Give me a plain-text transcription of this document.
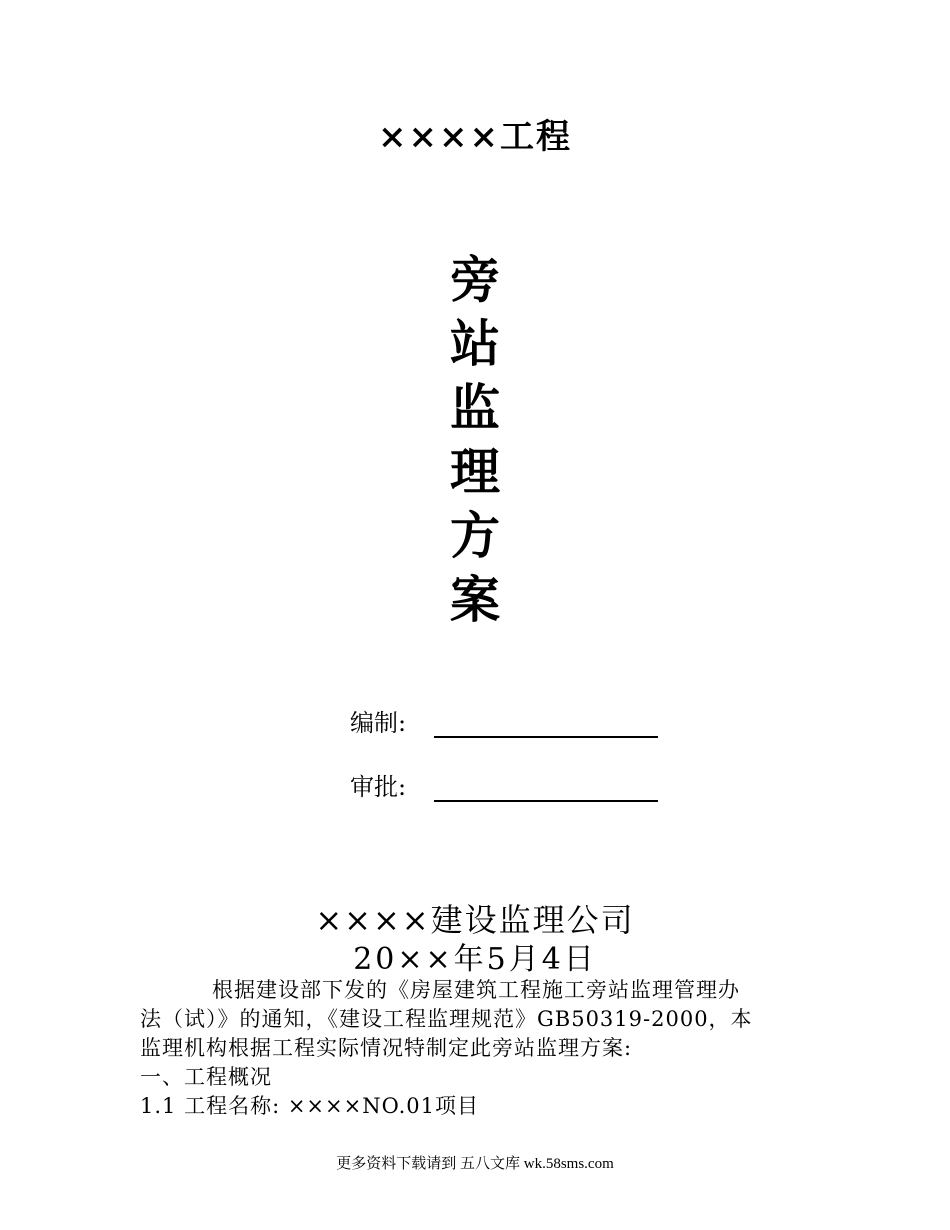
××××工程
旁
站
监
理
方
案
编制:
审批:
××××建设监理公司
20××年5月4日

根据建设部下发的《房屋建筑工程施工旁站监理管理办

法（试）》的通知，《建设工程监理规范》GB50319-2000，本

监理机构根据工程实际情况特制定此旁站监理方案:

一、工程概况

1.1 工程名称: ××××NO.01项目

更多资料下载请到 五八文库 wk.58sms.com
